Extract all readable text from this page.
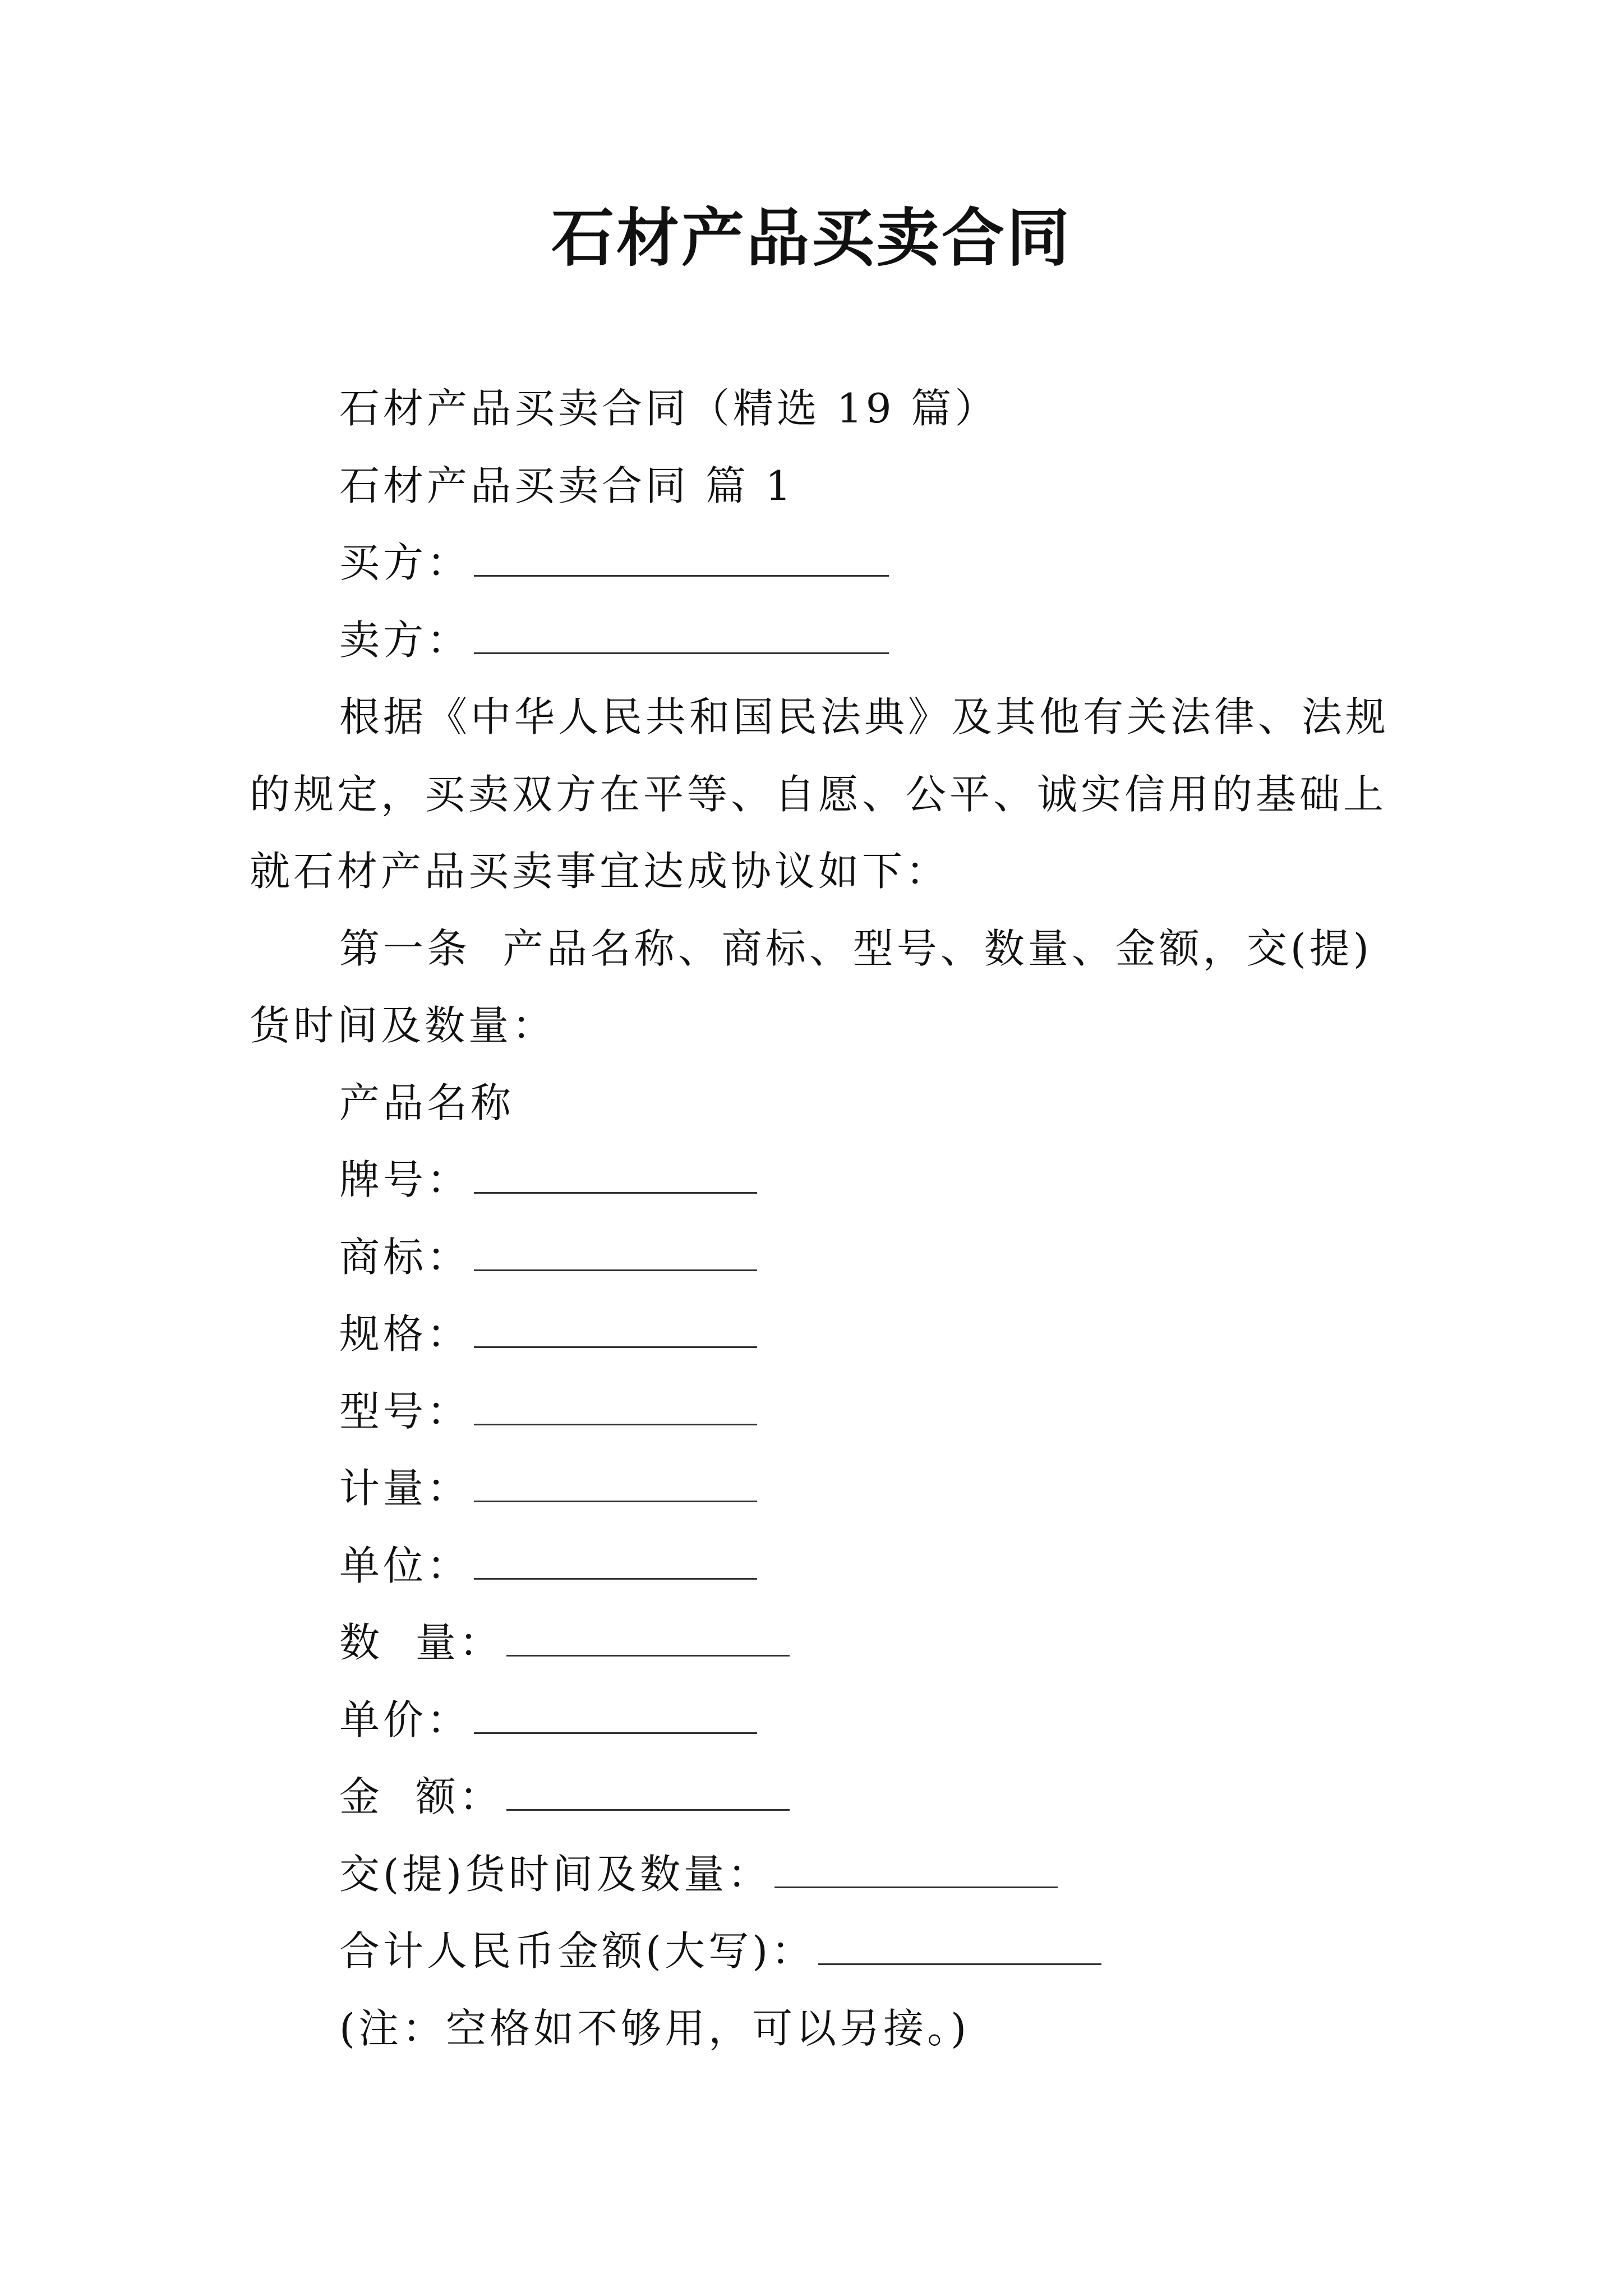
石材产品买卖合同
石材产品买卖合同（精选 19 篇）
石材产品买卖合同 篇 1
买方：
卖方：
根据《中华人民共和国民法典》及其他有关法律、法规
的规定，买卖双方在平等、自愿、公平、诚实信用的基础上
就石材产品买卖事宜达成协议如下：
第一条  产品名称、商标、型号、数量、金额，交(提)
货时间及数量：
产品名称
牌号：
商标：
规格：
型号：
计量：
单位：
数  量：
单价：
金  额：
交(提)货时间及数量：
合计人民币金额(大写)：
(注：空格如不够用，可以另接。)
